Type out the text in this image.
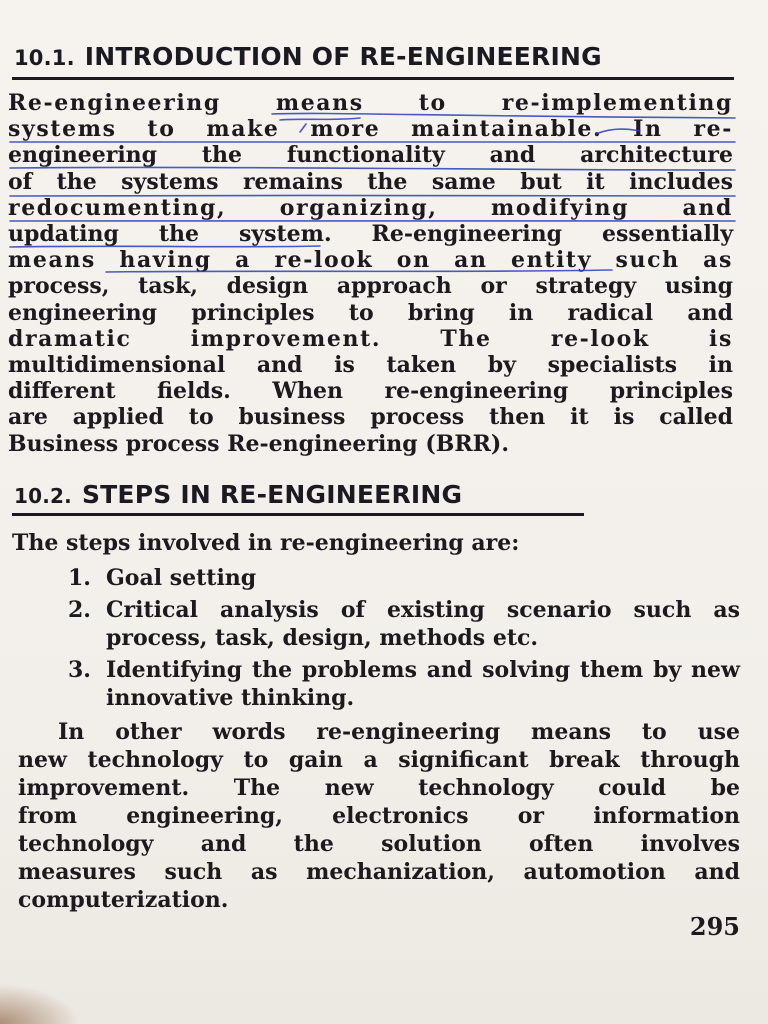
10.1. INTRODUCTION OF RE-ENGINEERING
Re-engineering means to re-implementing
systems to make more maintainable. In re-
engineering the functionality and architecture
of the systems remains the same but it includes
redocumenting, organizing, modifying and
updating the system. Re-engineering essentially
means having a re-look on an entity such as
process, task, design approach or strategy using
engineering principles to bring in radical and
dramatic improvement. The re-look is
multidimensional and is taken by specialists in
different fields. When re-engineering principles
are applied to business process then it is called
Business process Re-engineering (BRR).
10.2. STEPS IN RE-ENGINEERING
The steps involved in re-engineering are:
1. Goal setting
2. Critical analysis of existing scenario such as process, task, design, methods etc.
3. Identifying the problems and solving them by new innovative thinking.
In other words re-engineering means to use
new technology to gain a significant break through
improvement. The new technology could be
from engineering, electronics or information
technology and the solution often involves
measures such as mechanization, automotion and
computerization.
295
